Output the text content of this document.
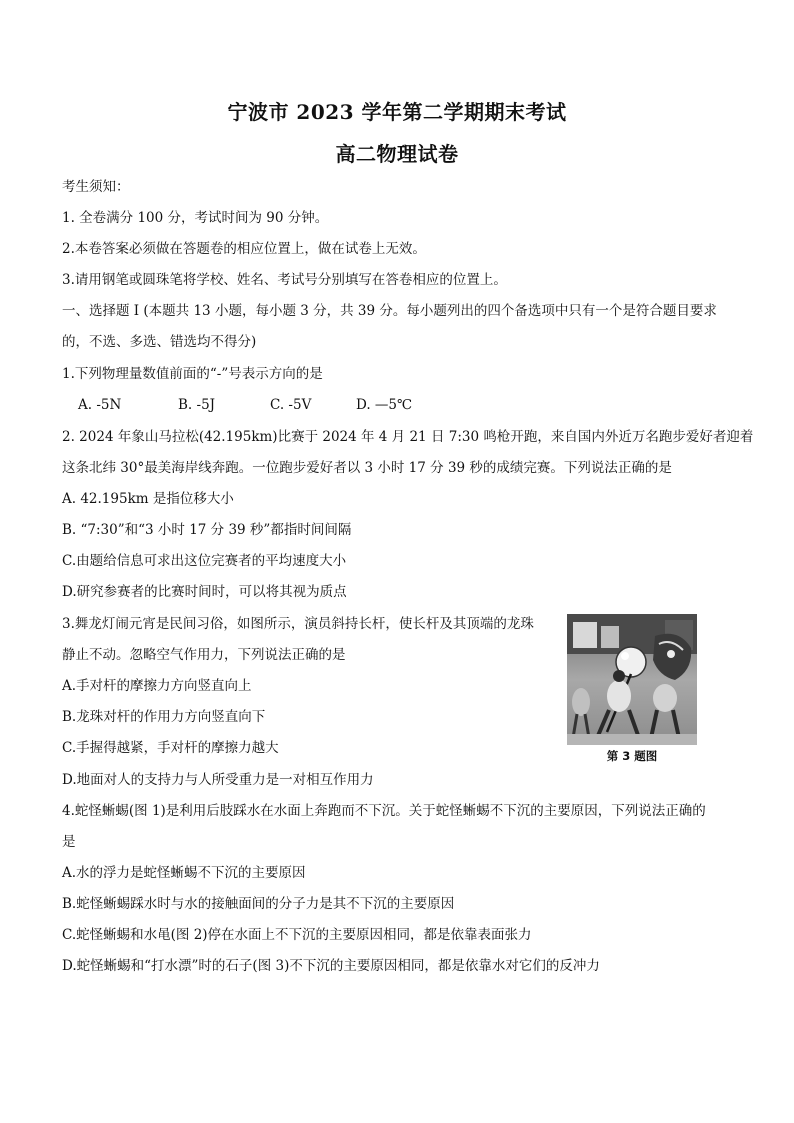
宁波市 2023 学年第二学期期末考试
高二物理试卷
考生须知：
1. 全卷满分 100 分，考试时间为 90 分钟。
2.本卷答案必须做在答题卷的相应位置上，做在试卷上无效。
3.请用钢笔或圆珠笔将学校、姓名、考试号分别填写在答卷相应的位置上。
一、选择题 I (本题共 13 小题，每小题 3 分，共 39 分。每小题列出的四个备选项中只有一个是符合题目要求
的，不选、多选、错选均不得分)
1.下列物理量数值前面的“-”号表示方向的是
A. -5N	B. -5J	C. -5V	D. —5℃
2. 2024 年象山马拉松(42.195km)比赛于 2024 年 4 月 21 日 7:30 鸣枪开跑，来自国内外近万名跑步爱好者迎着
这条北纬 30°最美海岸线奔跑。一位跑步爱好者以 3 小时 17 分 39 秒的成绩完赛。下列说法正确的是
A. 42.195km 是指位移大小
B. “7:30”和“3 小时 17 分 39 秒”都指时间间隔
C.由题给信息可求出这位完赛者的平均速度大小
D.研究参赛者的比赛时间时，可以将其视为质点
3.舞龙灯闹元宵是民间习俗，如图所示，演员斜持长杆，使长杆及其顶端的龙珠
静止不动。忽略空气作用力，下列说法正确的是
A.手对杆的摩擦力方向竖直向上
B.龙珠对杆的作用力方向竖直向下
C.手握得越紧，手对杆的摩擦力越大
D.地面对人的支持力与人所受重力是一对相互作用力
第 3 题图
4.蛇怪蜥蜴(图 1)是利用后肢踩水在水面上奔跑而不下沉。关于蛇怪蜥蜴不下沉的主要原因，下列说法正确的
是
A.水的浮力是蛇怪蜥蜴不下沉的主要原因
B.蛇怪蜥蜴踩水时与水的接触面间的分子力是其不下沉的主要原因
C.蛇怪蜥蜴和水黾(图 2)停在水面上不下沉的主要原因相同，都是依靠表面张力
D.蛇怪蜥蜴和“打水漂”时的石子(图 3)不下沉的主要原因相同，都是依靠水对它们的反冲力
